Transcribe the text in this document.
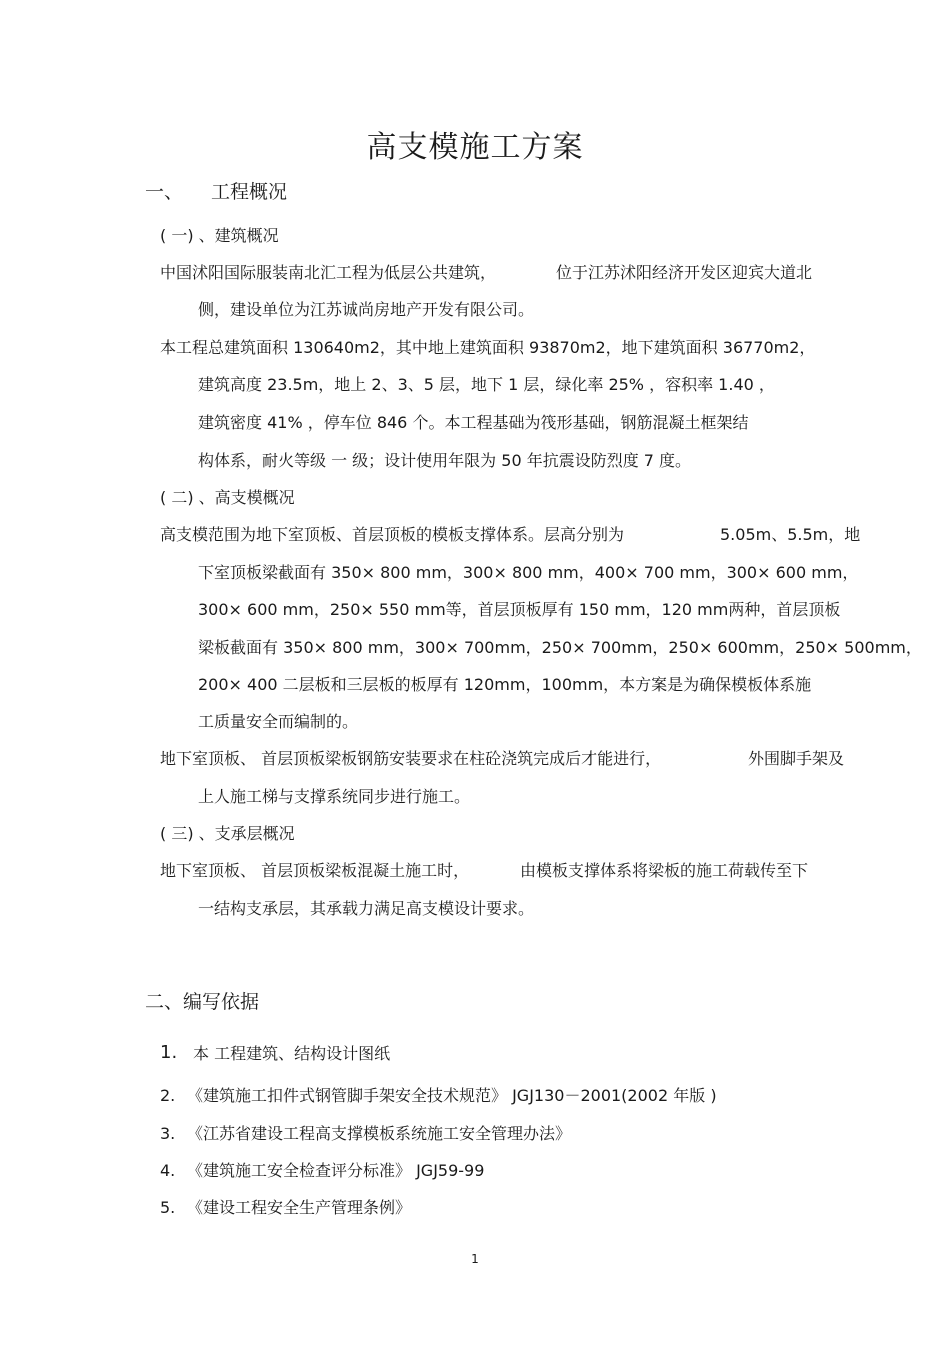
高支模施工方案
一、 工程概况
( 一) 、建筑概况
中国沭阳国际服装南北汇工程为低层公共建筑，	位于江苏沭阳经济开发区迎宾大道北
侧，建设单位为江苏诚尚房地产开发有限公司。
本工程总建筑面积 130640m2，其中地上建筑面积 93870m2，地下建筑面积 36770m2，
建筑高度 23.5m，地上 2、3、5 层，地下 1 层，绿化率 25% ，容积率 1.40 ，
建筑密度 41% ，停车位 846 个。本工程基础为筏形基础，钢筋混凝土框架结
构体系，耐火等级 一 级；设计使用年限为 50 年抗震设防烈度 7 度。
( 二) 、高支模概况
高支模范围为地下室顶板、首层顶板的模板支撑体系。层高分别为	5.05m、5.5m，地
下室顶板梁截面有 350× 800 mm，300× 800 mm，400× 700 mm，300× 600 mm，
300× 600 mm，250× 550 mm等，首层顶板厚有 150 mm，120 mm两种，首层顶板
梁板截面有 350× 800 mm，300× 700mm，250× 700mm，250× 600mm，250× 500mm，
200× 400 二层板和三层板的板厚有 120mm，100mm，本方案是为确保模板体系施
工质量安全而编制的。
地下室顶板、 首层顶板梁板钢筋安装要求在柱砼浇筑完成后才能进行，	外围脚手架及
上人施工梯与支撑系统同步进行施工。
( 三) 、支承层概况
地下室顶板、 首层顶板梁板混凝土施工时，	由模板支撑体系将梁板的施工荷载传至下
一结构支承层，其承载力满足高支模设计要求。
二、编写依据
1. 本 工程建筑、结构设计图纸
2. 《建筑施工扣件式钢管脚手架安全技术规范》 JGJ130－2001(2002 年版 )
3. 《江苏省建设工程高支撑模板系统施工安全管理办法》
4. 《建筑施工安全检查评分标准》 JGJ59-99
5. 《建设工程安全生产管理条例》
1
